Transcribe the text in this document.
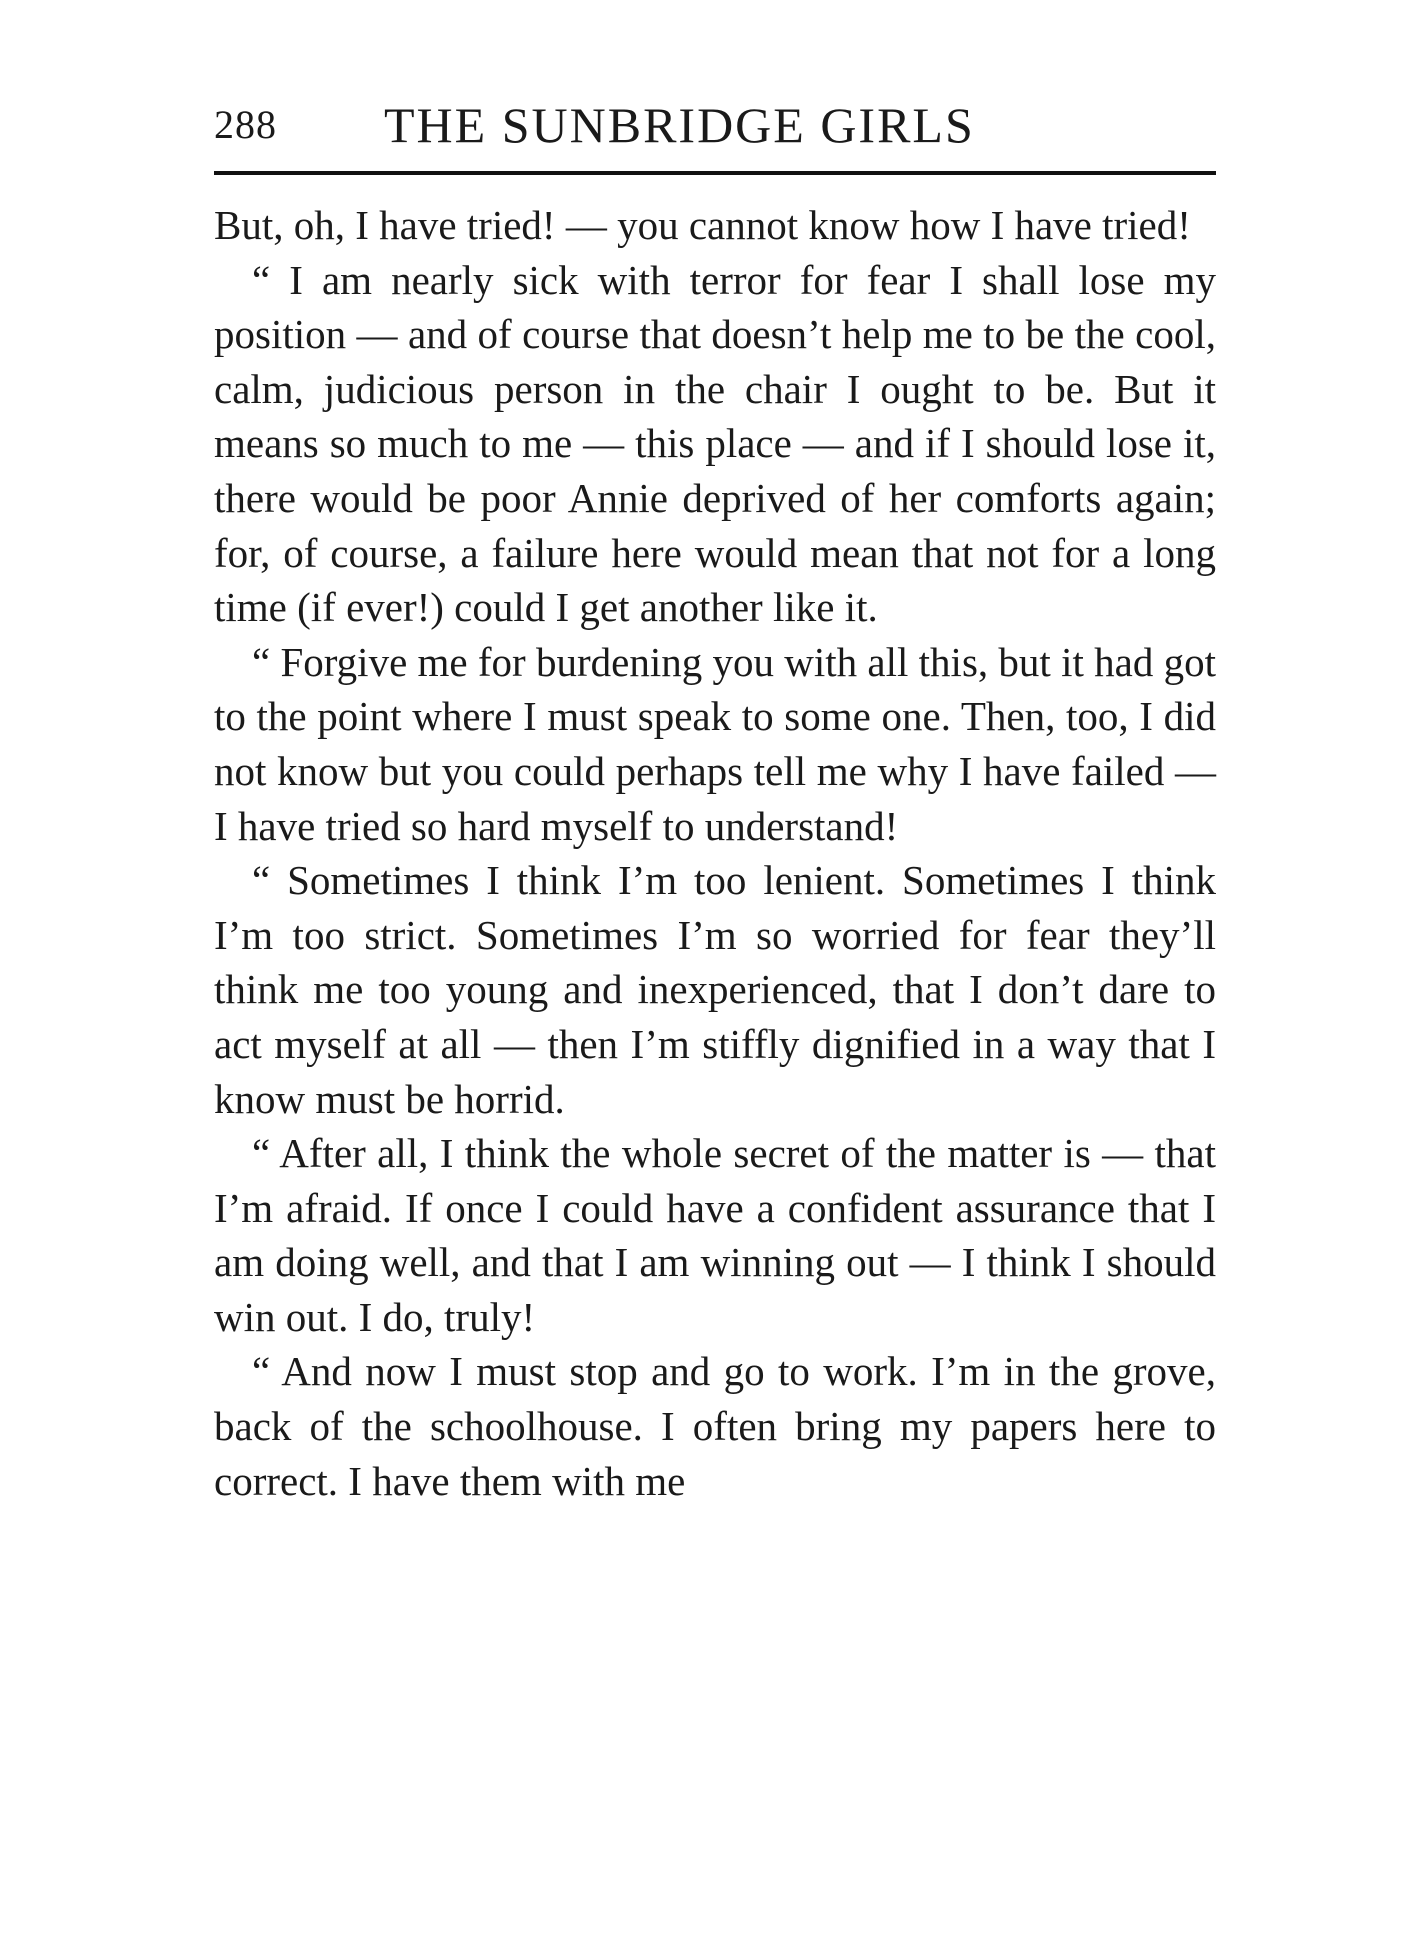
288 THE SUNBRIDGE GIRLS

But, oh, I have tried! — you cannot know how I have tried!

“ I am nearly sick with terror for fear I shall lose my position — and of course that doesn’t help me to be the cool, calm, judicious person in the chair I ought to be. But it means so much to me — this place — and if I should lose it, there would be poor Annie deprived of her comforts again; for, of course, a failure here would mean that not for a long time (if ever!) could I get another like it.

“ Forgive me for burdening you with all this, but it had got to the point where I must speak to some one. Then, too, I did not know but you could perhaps tell me why I have failed — I have tried so hard myself to understand!

“ Sometimes I think I’m too lenient. Sometimes I think I’m too strict. Sometimes I’m so worried for fear they’ll think me too young and inexperienced, that I don’t dare to act myself at all — then I’m stiffly dignified in a way that I know must be horrid.

“ After all, I think the whole secret of the matter is — that I’m afraid. If once I could have a confident assurance that I am doing well, and that I am winning out — I think I should win out. I do, truly!

“ And now I must stop and go to work. I’m in the grove, back of the schoolhouse. I often bring my papers here to correct. I have them with me
